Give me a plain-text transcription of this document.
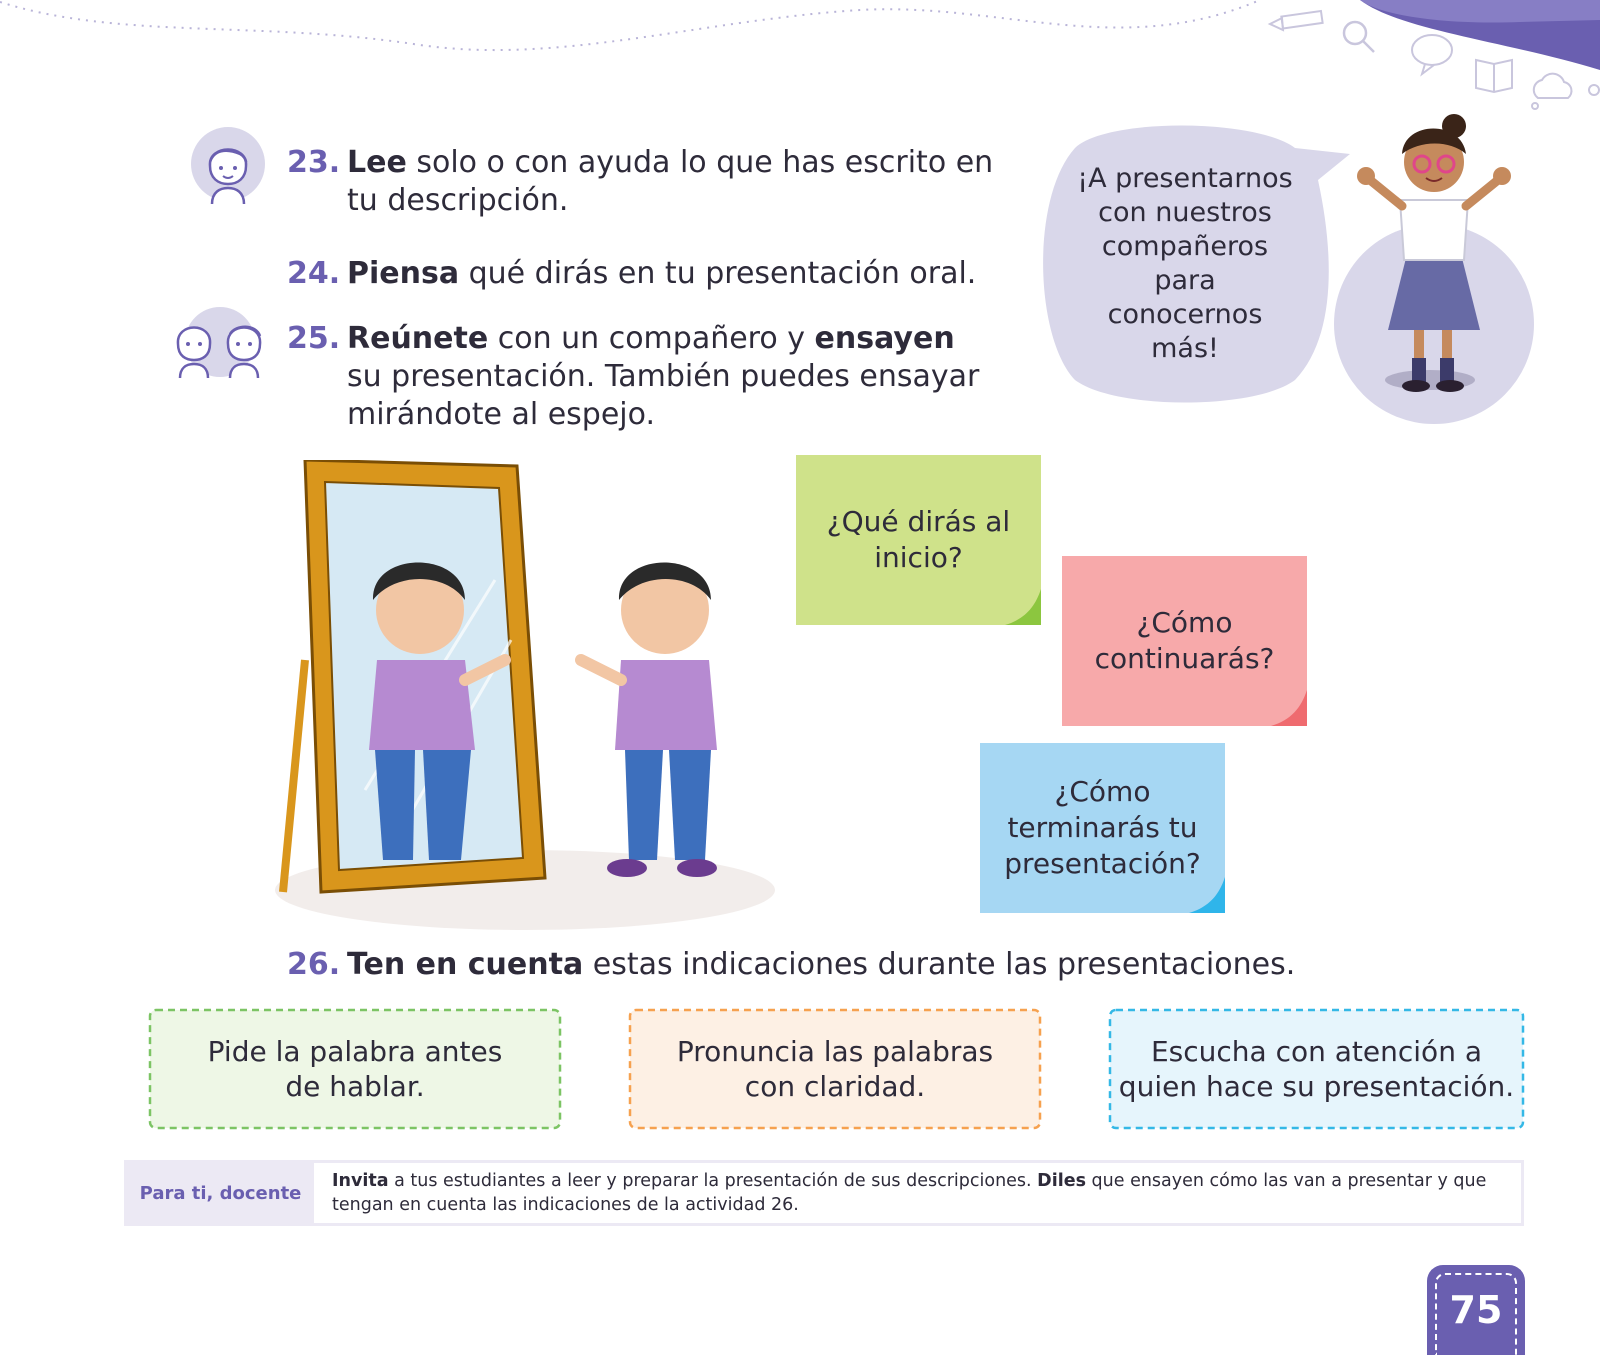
23. Lee solo o con ayuda lo que has escrito en
tu descripción.
24. Piensa qué dirás en tu presentación oral.
25. Reúnete con un compañero y ensayen
su presentación. También puedes ensayar
mirándote al espejo.
¡A presentarnos
con nuestros
compañeros
para
conocernos
más!
¿Qué dirás al
inicio?
¿Cómo
continuarás?
¿Cómo
terminarás tu
presentación?
26. Ten en cuenta estas indicaciones durante las presentaciones.
Pide la palabra antes
de hablar.
Pronuncia las palabras
con claridad.
Escucha con atención a
quien hace su presentación.
Para ti, docente
Invita a tus estudiantes a leer y preparar la presentación de sus descripciones. Diles que ensayen cómo las van a presentar y que
tengan en cuenta las indicaciones de la actividad 26.
75
